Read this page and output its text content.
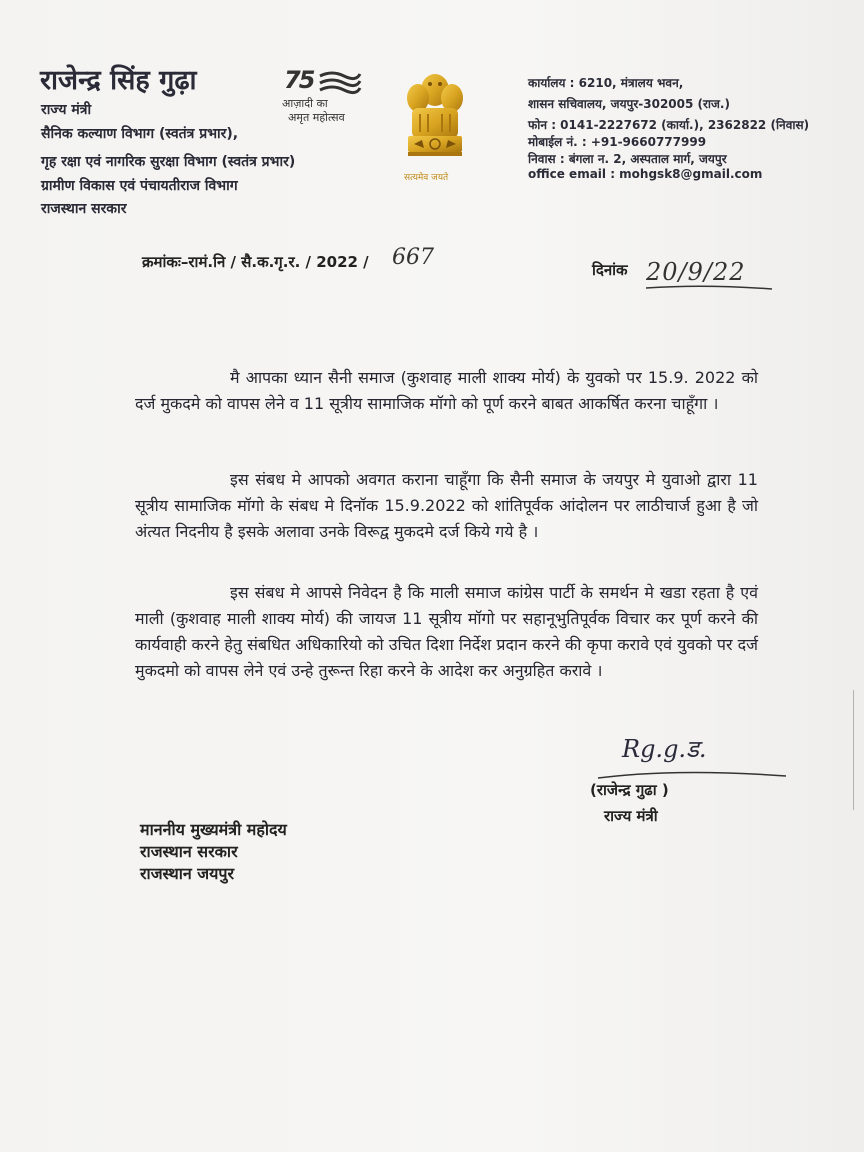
राजेन्द्र सिंह गुढ़ा
राज्य मंत्री
सैनिक कल्याण विभाग (स्वतंत्र प्रभार),
गृह रक्षा एवं नागरिक सुरक्षा विभाग (स्वतंत्र प्रभार)
ग्रामीण विकास एवं पंचायतीराज विभाग
राजस्थान सरकार
75
आज़ादी का
अमृत महोत्सव
सत्यमेव जयते
कार्यालय : 6210, मंत्रालय भवन,
शासन सचिवालय, जयपुर-302005 (राज.)
फोन : 0141-2227672 (कार्या.), 2362822 (निवास)
मोबाईल नं. : +91-9660777999
निवास : बंगला न. 2, अस्पताल मार्ग, जयपुर
office email : mohgsk8@gmail.com
क्रमांकः–रामं.नि / सै.क.गृ.र. / 2022 / 667	दिनांक 20/9/22
मै आपका ध्यान सैनी समाज (कुशवाह माली शाक्य मोर्य) के युवको पर 15.9. 2022 को दर्ज मुकदमे को वापस लेने व 11 सूत्रीय सामाजिक मॉगो को पूर्ण करने बाबत आकर्षित करना चाहूँगा ।
इस संबध मे आपको अवगत कराना चाहूँगा कि सैनी समाज के जयपुर मे युवाओ द्वारा 11 सूत्रीय सामाजिक मॉगो के संबध मे दिनॉक 15.9.2022 को शांतिपूर्वक आंदोलन पर लाठीचार्ज हुआ है जो अंत्यत निदनीय है इसके अलावा उनके विरूद्व मुकदमे दर्ज किये गये है ।
इस संबध मे आपसे निवेदन है कि माली समाज कांग्रेस पार्टी के समर्थन मे खडा रहता है एवं माली (कुशवाह माली शाक्य मोर्य) की जायज 11 सूत्रीय मॉगो पर सहानूभुतिपूर्वक विचार कर पूर्ण करने की कार्यवाही करने हेतु संबधित अधिकारियो को उचित दिशा निर्देश प्रदान करने की कृपा करावे एवं युवको पर दर्ज मुकदमो को वापस लेने एवं उन्हे तुरून्त रिहा करने के आदेश कर अनुग्रहित करावे ।
Rg.g.ड.
(राजेन्द्र गुढा )
राज्य मंत्री
माननीय मुख्यमंत्री महोदय
राजस्थान सरकार
राजस्थान जयपुर
